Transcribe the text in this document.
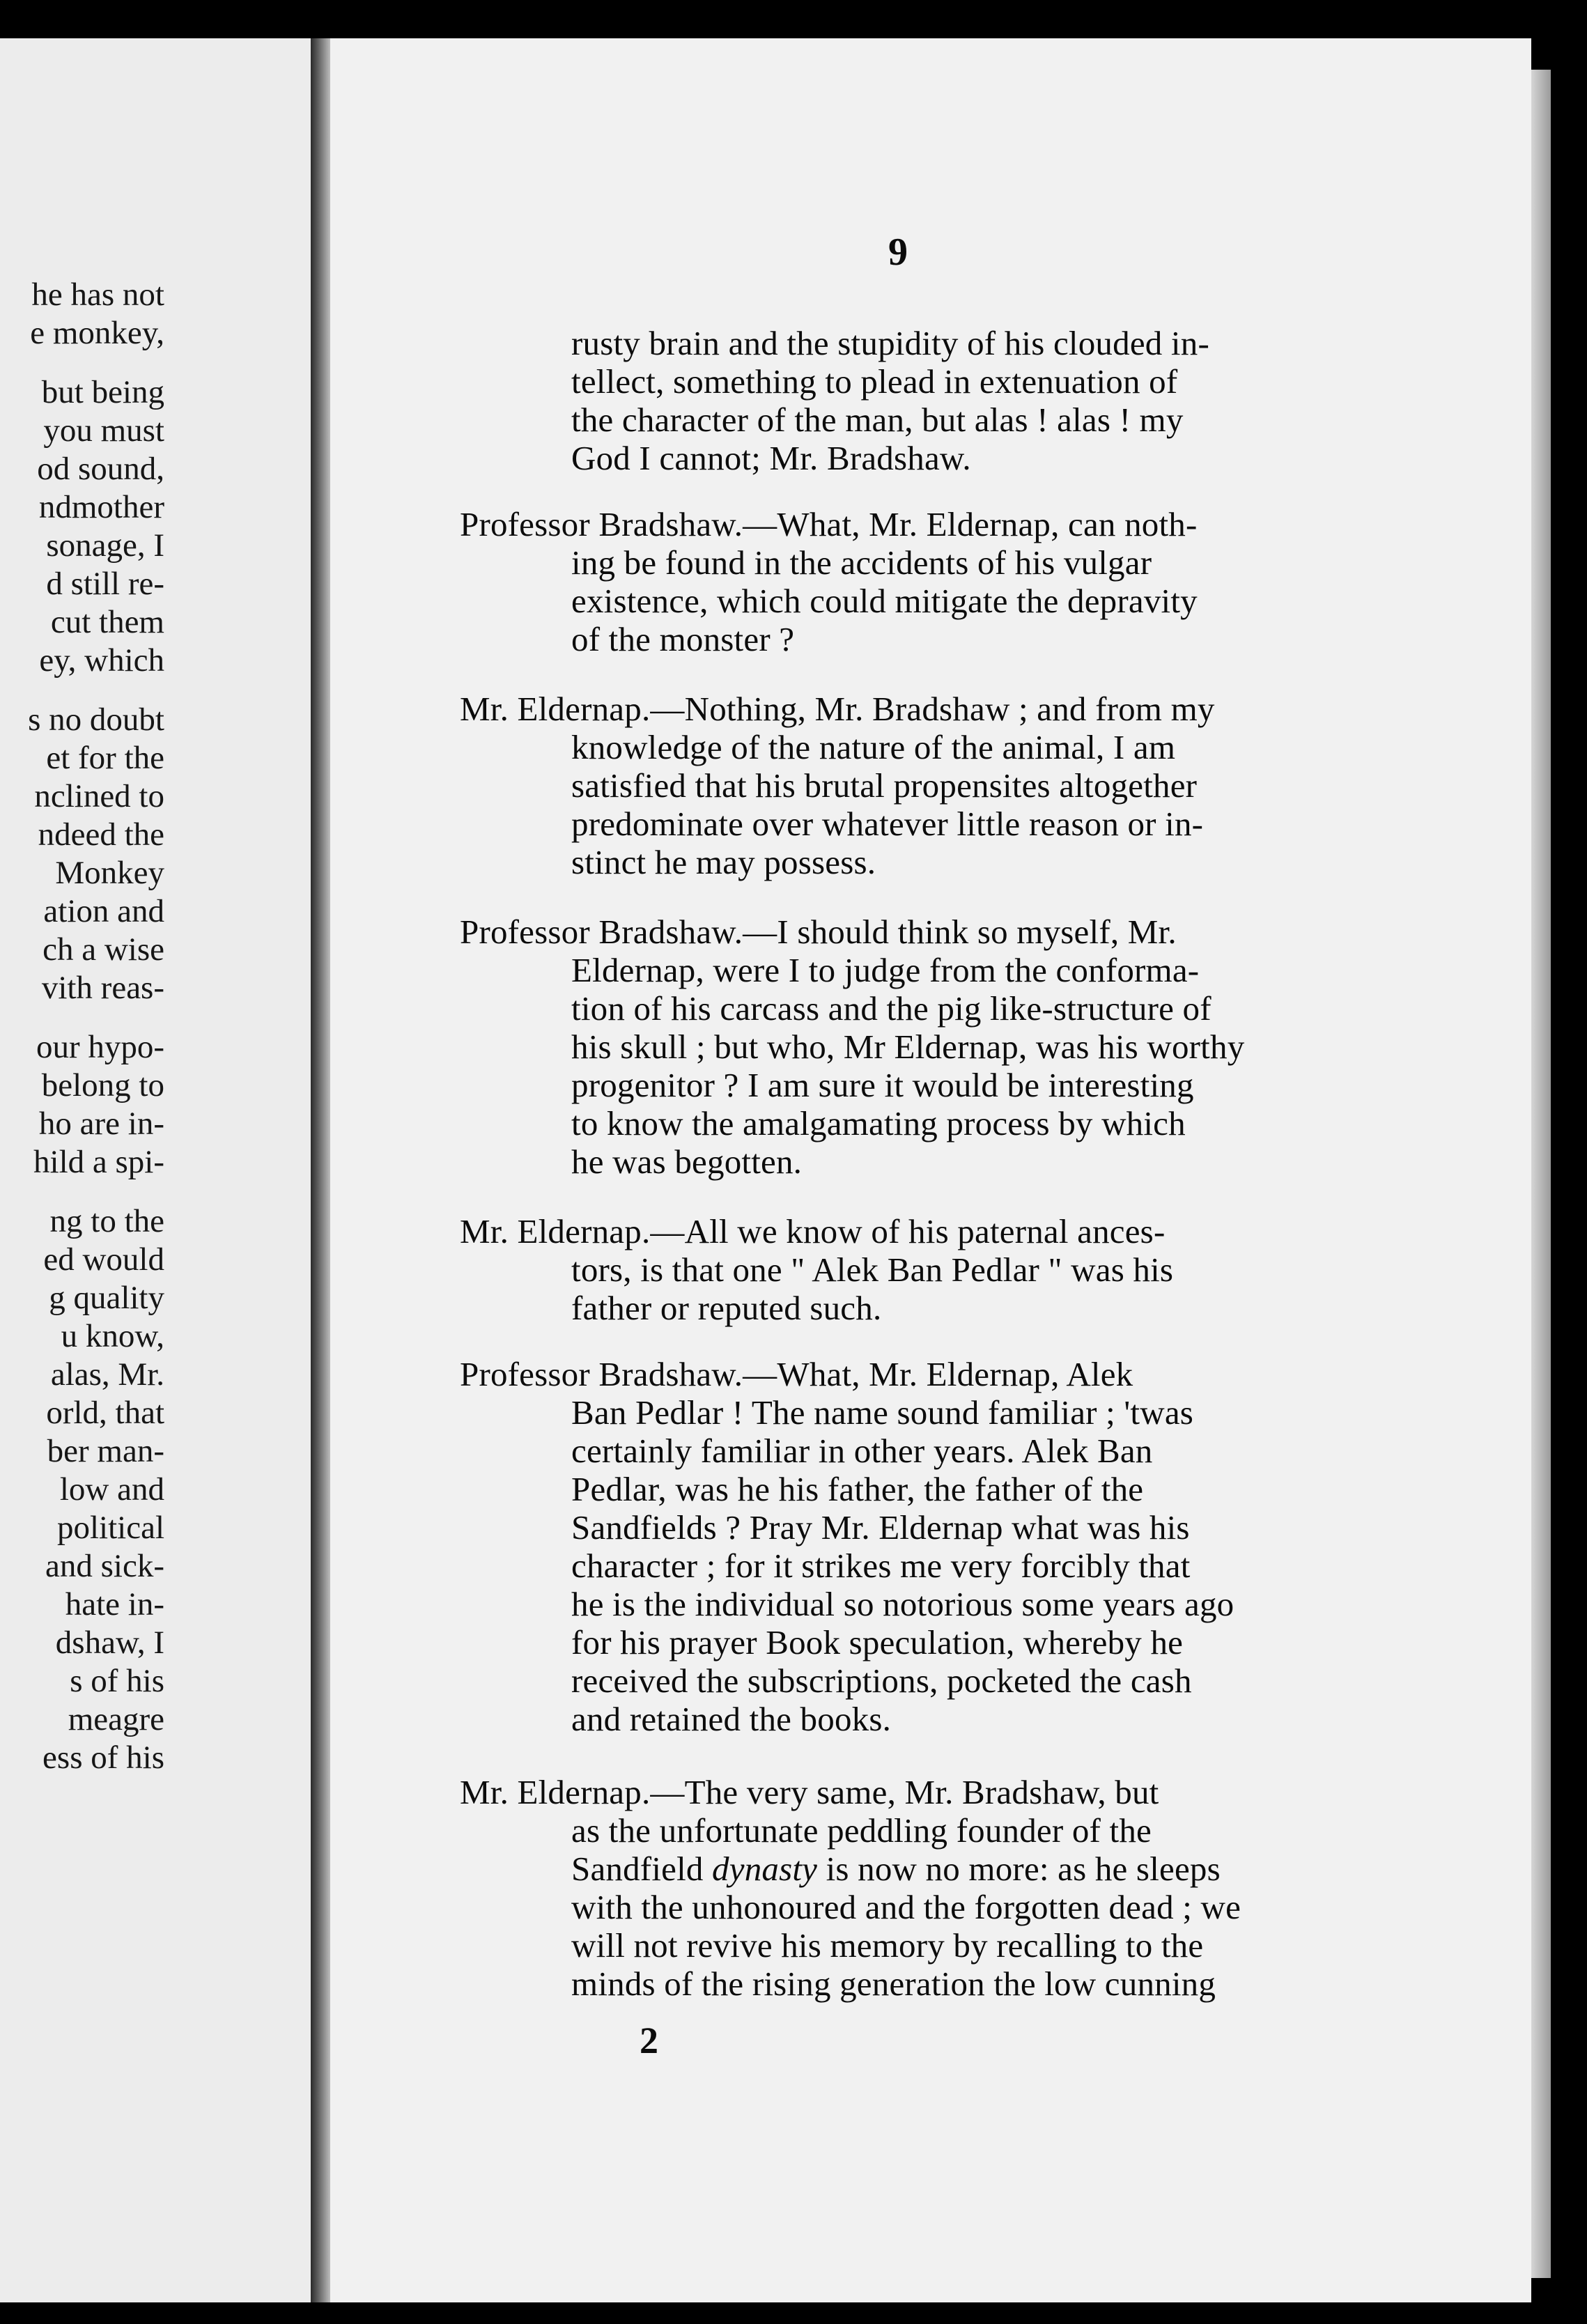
he has not
e monkey,
but being
you must
od sound,
ndmother
sonage, I
d still re-
cut them
ey, which
s no doubt
et for the
nclined to
ndeed the
Monkey
ation and
ch a wise
vith reas-
our hypo-
belong to
ho are in-
hild a spi-
ng to the
ed would
g quality
u know,
alas, Mr.
orld, that
ber man-
low and
political
and sick-
hate in-
dshaw, I
s of his
meagre
ess of his
9
rusty brain and the stupidity of his clouded in-
tellect, something to plead in extenuation of
the character of the man, but alas ! alas ! my
God I cannot; Mr. Bradshaw.
Professor Bradshaw.—What, Mr. Eldernap, can noth-
ing be found in the accidents of his vulgar
existence, which could mitigate the depravity
of the monster ?
Mr. Eldernap.—Nothing, Mr. Bradshaw ; and from my
knowledge of the nature of the animal, I am
satisfied that his brutal propensites altogether
predominate over whatever little reason or in-
stinct he may possess.
Professor Bradshaw.—I should think so myself, Mr.
Eldernap, were I to judge from the conforma-
tion of his carcass and the pig like-structure of
his skull ; but who, Mr Eldernap, was his worthy
progenitor ? I am sure it would be interesting
to know the amalgamating process by which
he was begotten.
Mr. Eldernap.—All we know of his paternal ances-
tors, is that one " Alek Ban Pedlar " was his
father or reputed such.
Professor Bradshaw.—What, Mr. Eldernap, Alek
Ban Pedlar ! The name sound familiar ; 'twas
certainly familiar in other years. Alek Ban
Pedlar, was he his father, the father of the
Sandfields ? Pray Mr. Eldernap what was his
character ; for it strikes me very forcibly that
he is the individual so notorious some years ago
for his prayer Book speculation, whereby he
received the subscriptions, pocketed the cash
and retained the books.
Mr. Eldernap.—The very same, Mr. Bradshaw, but
as the unfortunate peddling founder of the
Sandfield dynasty is now no more: as he sleeps
with the unhonoured and the forgotten dead ; we
will not revive his memory by recalling to the
minds of the rising generation the low cunning
2
